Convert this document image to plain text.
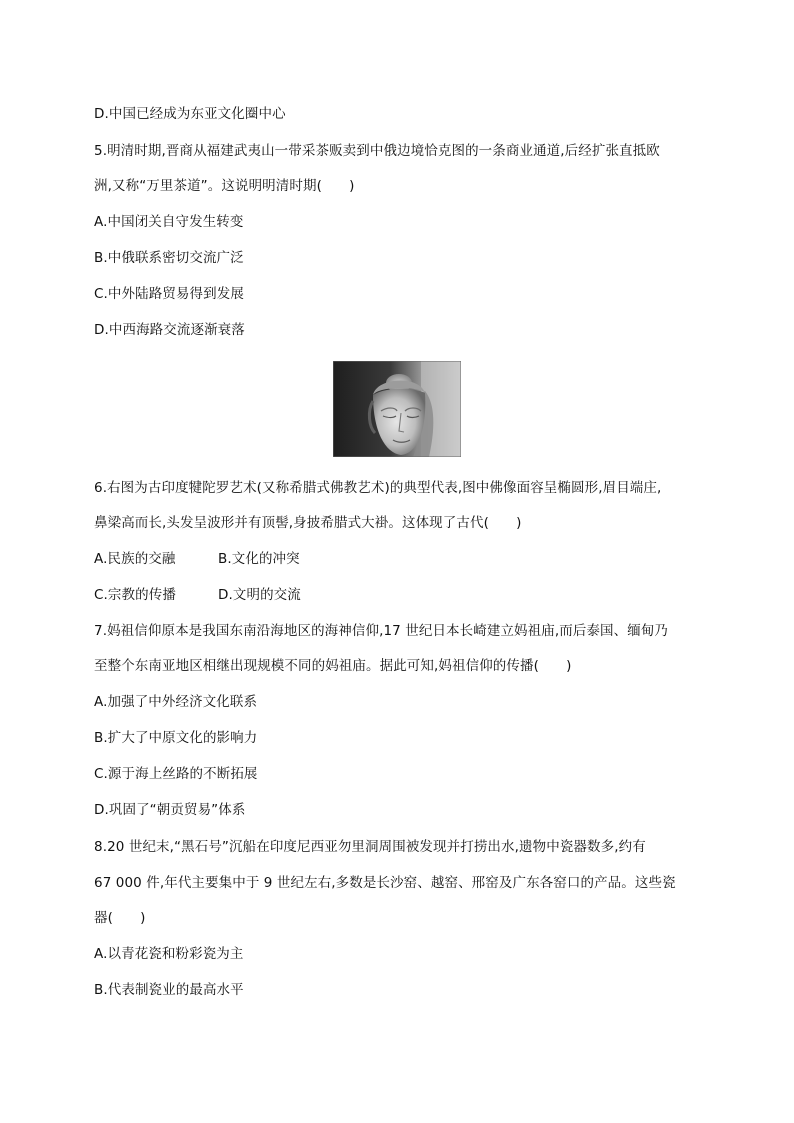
D.中国已经成为东亚文化圈中心
5.明清时期,晋商从福建武夷山一带采茶贩卖到中俄边境恰克图的一条商业通道,后经扩张直抵欧
洲,又称“万里茶道”。这说明明清时期(　　)
A.中国闭关自守发生转变
B.中俄联系密切交流广泛
C.中外陆路贸易得到发展
D.中西海路交流逐渐衰落
6.右图为古印度犍陀罗艺术(又称希腊式佛教艺术)的典型代表,图中佛像面容呈椭圆形,眉目端庄,
鼻梁高而长,头发呈波形并有顶髻,身披希腊式大褂。这体现了古代(　　)
A.民族的交融	B.文化的冲突
C.宗教的传播	D.文明的交流
7.妈祖信仰原本是我国东南沿海地区的海神信仰,17 世纪日本长崎建立妈祖庙,而后泰国、缅甸乃
至整个东南亚地区相继出现规模不同的妈祖庙。据此可知,妈祖信仰的传播(　　)
A.加强了中外经济文化联系
B.扩大了中原文化的影响力
C.源于海上丝路的不断拓展
D.巩固了“朝贡贸易”体系
8.20 世纪末,“黑石号”沉船在印度尼西亚勿里洞周围被发现并打捞出水,遗物中瓷器数多,约有
67 000 件,年代主要集中于 9 世纪左右,多数是长沙窑、越窑、邢窑及广东各窑口的产品。这些瓷
器(　　)
A.以青花瓷和粉彩瓷为主
B.代表制瓷业的最高水平
